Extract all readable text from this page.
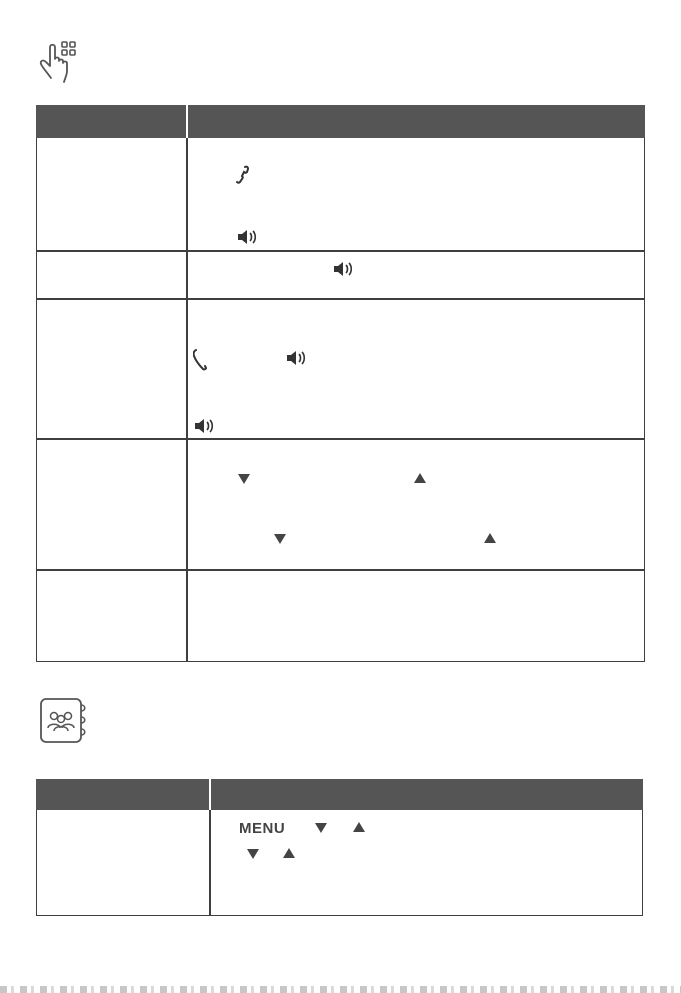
MENU
